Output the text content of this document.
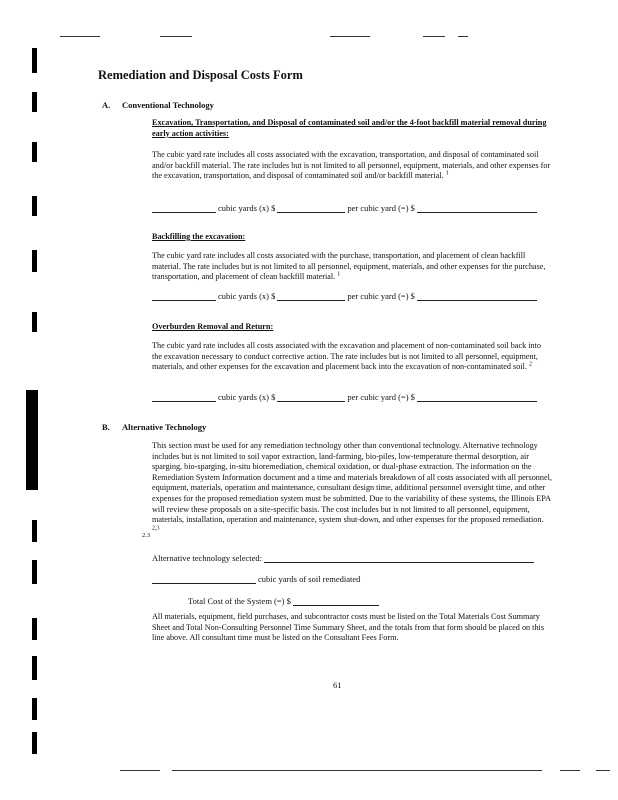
Remediation and Disposal Costs Form
A. Conventional Technology
Excavation, Transportation, and Disposal of contaminated soil and/or the 4-foot backfill material removal during early action activities:
The cubic yard rate includes all costs associated with the excavation, transportation, and disposal of contaminated soil and/or backfill material. The rate includes but is not limited to all personnel, equipment, materials, and other expenses for the excavation, transportation, and disposal of contaminated soil and/or backfill material. $^1$
cubic yards (x) $	per cubic yard (=) $
Backfilling the excavation:
The cubic yard rate includes all costs associated with the purchase, transportation, and placement of clean backfill material. The rate includes but is not limited to all personnel, equipment, materials, and other expenses for the purchase, transportation, and placement of clean backfill material. $^1$
cubic yards (x) $	per cubic yard (=) $
Overburden Removal and Return:
The cubic yard rate includes all costs associated with the excavation and placement of non-contaminated soil back into the excavation necessary to conduct corrective action. The rate includes but is not limited to all personnel, equipment, materials, and other expenses for the excavation and placement back into the excavation of non-contaminated soil. $^2$
cubic yards (x) $	per cubic yard (=) $
B. Alternative Technology
2.3
This section must be used for any remediation technology other than conventional technology. Alternative technology includes but is not limited to soil vapor extraction, land-farming, bio-piles, low-temperature thermal desorption, air sparging, bio-sparging, in-situ bioremediation, chemical oxidation, or dual-phase extraction. The information on the Remediation System Information document and a time and materials breakdown of all costs associated with all personnel, equipment, materials, operation and maintenance, consultant design time, additional personnel oversight time, and other expenses for the proposed remediation system must be submitted. Due to the variability of these systems, the Illinois EPA will review these proposals on a site-specific basis. The cost includes but is not limited to all personnel, equipment, materials, installation, operation and maintenance, system shut-down, and other expenses for the proposed remediation. $^{2,3}$
Alternative technology selected:
cubic yards of soil remediated
Total Cost of the System (=) $
All materials, equipment, field purchases, and subcontractor costs must be listed on the Total Materials Cost Summary Sheet and Total Non-Consulting Personnel Time Summary Sheet, and the totals from that form should be placed on this line above. All consultant time must be listed on the Consultant Fees Form.
61
